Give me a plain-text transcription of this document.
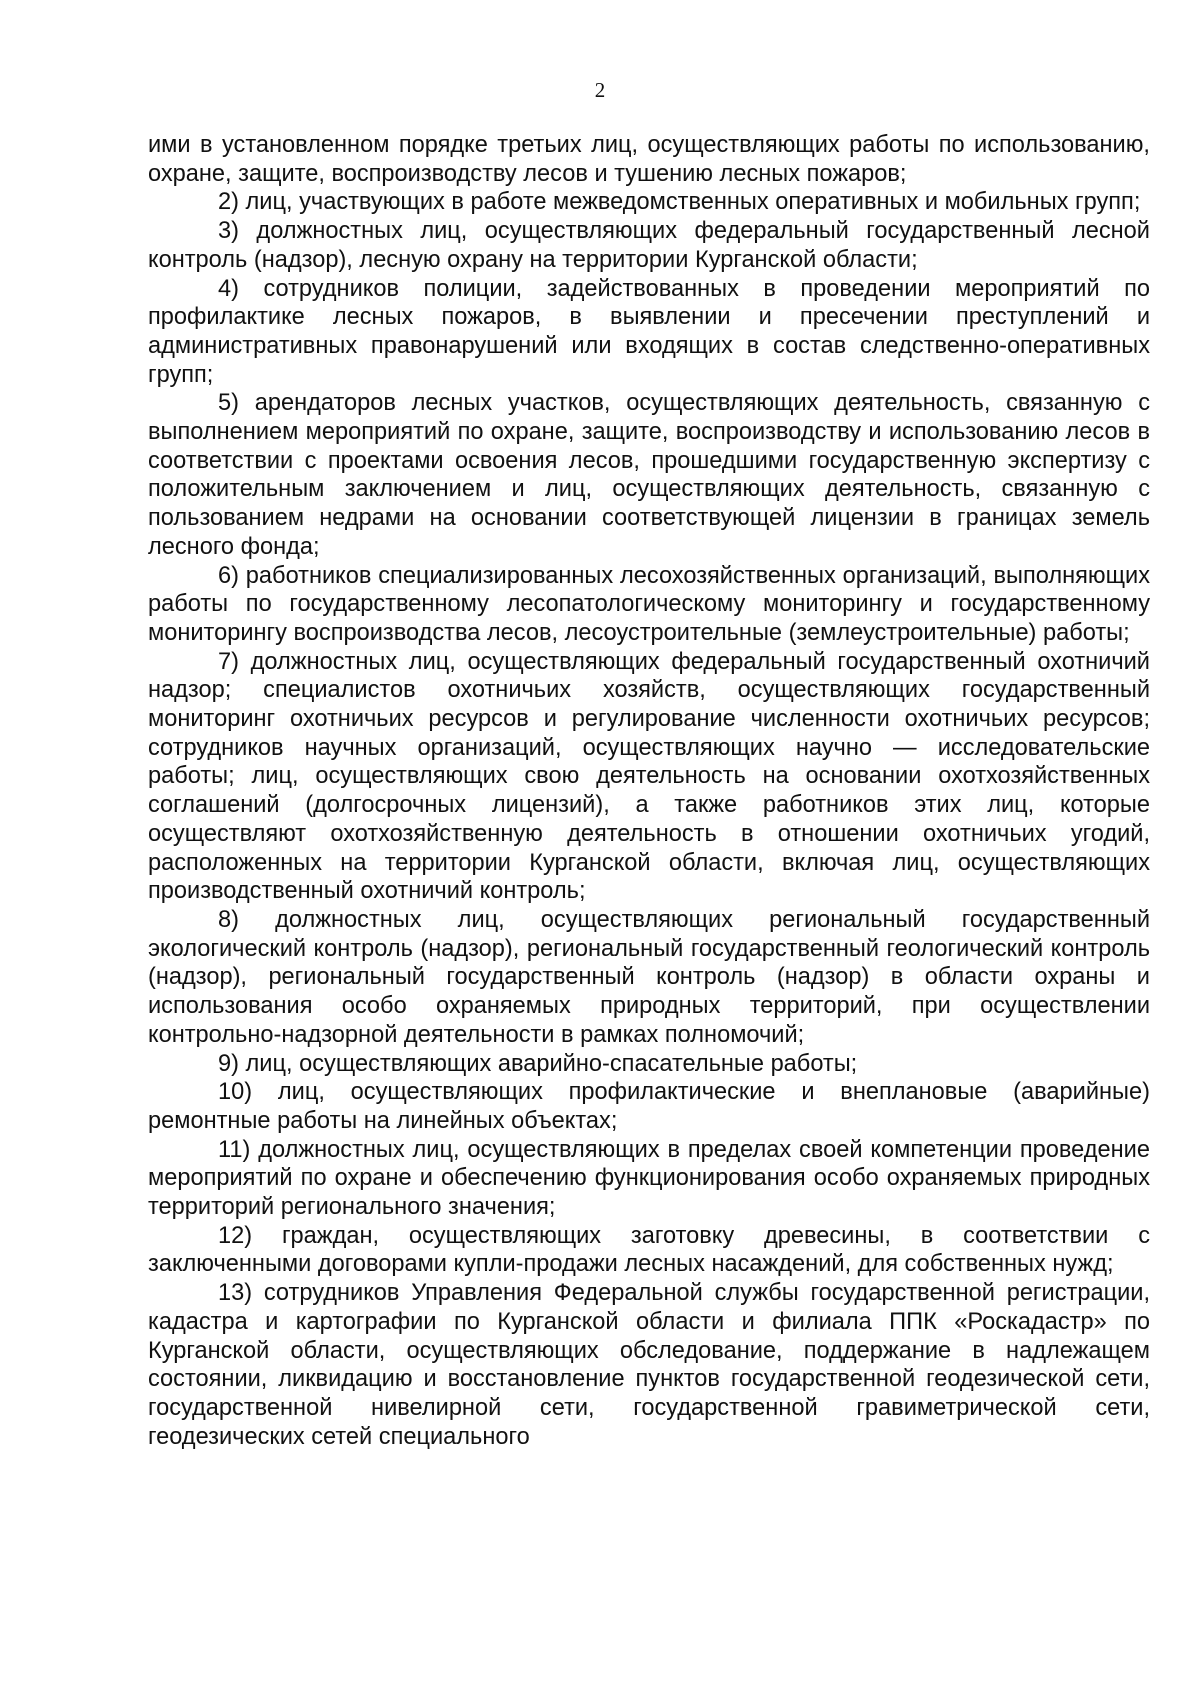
2

ими в установленном порядке третьих лиц, осуществляющих работы по использованию, охране, защите, воспроизводству лесов и тушению лесных пожаров;

2) лиц, участвующих в работе межведомственных оперативных и мобильных групп;

3) должностных лиц, осуществляющих федеральный государственный лесной контроль (надзор), лесную охрану на территории Курганской области;

4) сотрудников полиции, задействованных в проведении мероприятий по профилактике лесных пожаров, в выявлении и пресечении преступлений и административных правонарушений или входящих в состав следственно-оперативных групп;

5) арендаторов лесных участков, осуществляющих деятельность, связанную с выполнением мероприятий по охране, защите, воспроизводству и использованию лесов в соответствии с проектами освоения лесов, прошедшими государственную экспертизу с положительным заключением и лиц, осуществляющих деятельность, связанную с пользованием недрами на основании соответствующей лицензии в границах земель лесного фонда;

6) работников специализированных лесохозяйственных организаций, выполняющих работы по государственному лесопатологическому мониторингу и государственному мониторингу воспроизводства лесов, лесоустроительные (землеустроительные) работы;

7) должностных лиц, осуществляющих федеральный государственный охотничий надзор; специалистов охотничьих хозяйств, осуществляющих государственный мониторинг охотничьих ресурсов и регулирование численности охотничьих ресурсов; сотрудников научных организаций, осуществляющих научно — исследовательские работы; лиц, осуществляющих свою деятельность на основании охотхозяйственных соглашений (долгосрочных лицензий), а также работников этих лиц, которые осуществляют охотхозяйственную деятельность в отношении охотничьих угодий, расположенных на территории Курганской области, включая лиц, осуществляющих производственный охотничий контроль;

8) должностных лиц, осуществляющих региональный государственный экологический контроль (надзор), региональный государственный геологический контроль (надзор), региональный государственный контроль (надзор) в области охраны и использования особо охраняемых природных территорий, при осуществлении контрольно-надзорной деятельности в рамках полномочий;

9) лиц, осуществляющих аварийно-спасательные работы;

10) лиц, осуществляющих профилактические и внеплановые (аварийные) ремонтные работы на линейных объектах;

11) должностных лиц, осуществляющих в пределах своей компетенции проведение мероприятий по охране и обеспечению функционирования особо охраняемых природных территорий регионального значения;

12) граждан, осуществляющих заготовку древесины, в соответствии с заключенными договорами купли-продажи лесных насаждений, для собственных нужд;

13) сотрудников Управления Федеральной службы государственной регистрации, кадастра и картографии по Курганской области и филиала ППК «Роскадастр» по Курганской области, осуществляющих обследование, поддержание в надлежащем состоянии, ликвидацию и восстановление пунктов государственной геодезической сети, государственной нивелирной сети, государственной гравиметрической сети, геодезических сетей специального
